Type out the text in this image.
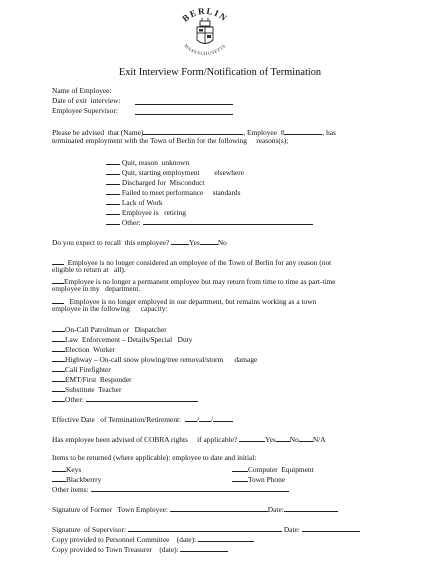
BERLIN
MASSACHUSETTS
Exit Interview Form/Notification of Termination
Name of Employee:
Date of exit  interview:
Employee Supervisor:
Please be advised  that (Name)	, Employee  #	, has
terminated employment with the Town of Berlin for the following     reasons(s);
Quit, reason  unknown
Quit, starting employment        elsewhere
Discharged for  Misconduct
Failed to meet performance     standards
Lack of Work
Employee is   retiring
Other:
Do you expect to recall  this employee?	Yes No
Employee is no longer considered an employee of the Town of Berlin for any reason (not
eligible to return at   all).
Employee is no longer a permanent employee but may return from time to time as part-time
employee in my   department.
Employee is no longer employed in our department, but remains working as a town
employee in the following      capacity:
On-Call Patrolman or   Dispatcher
Law  Enforcement – Details/Special   Duty
Election  Worker
Highway – On-call snow plowing/tree removal/storm      damage
Call Firefighter
EMT/First  Responder
Substitute  Teacher
Other:
Effective Date   of Termination/Retirement: / /
Has employee been advised of COBRA rights     if applicable?	Yes No N/A
Items to be returned (where applicable): employee to date and initial:
Keys	Computer  Equipment
Blackberrry	Town Phone
Other items:
Signature of Former   Town Employee:	Date:
Signature  of Supervisor:	Date:
Copy provided to Personnel Committee    (date):
Copy provided to Town Treasurer    (date):
